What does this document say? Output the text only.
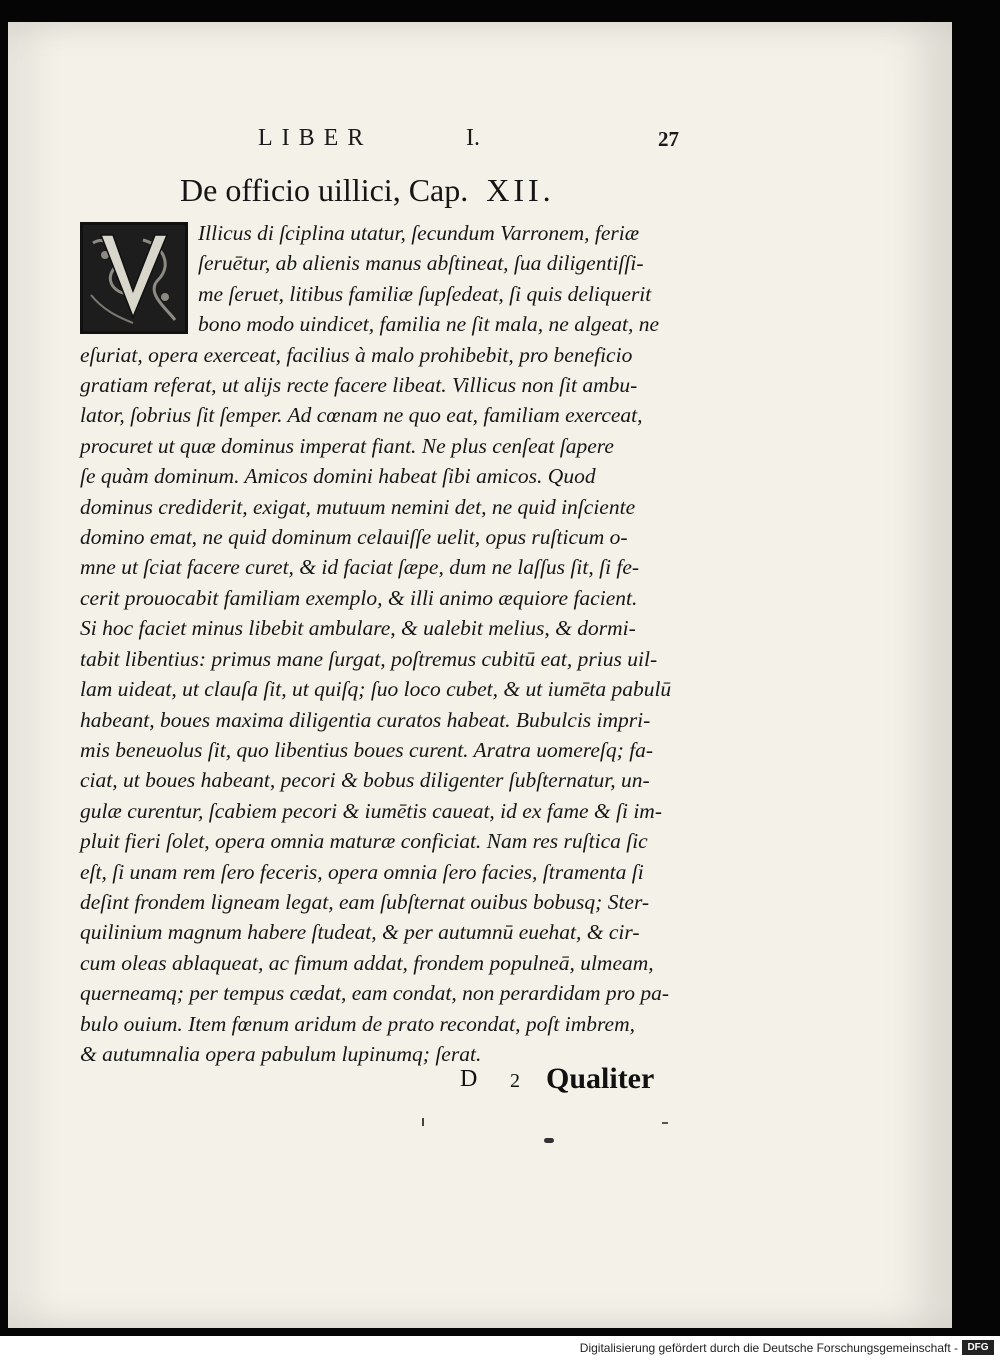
LIBER	I.	27
De officio uillici, Cap. XII.
Illicus di ſciplina utatur, ſecundum Varronem, feriæ
ſeruētur, ab alienis manus abſtineat, ſua diligentiſſi-
me ſeruet, litibus familiæ ſupſedeat, ſi quis deliquerit
bono modo uindicet, familia ne ſit mala, ne algeat, ne
eſuriat, opera exerceat, facilius à malo prohibebit, pro beneficio
gratiam referat, ut alijs recte facere libeat. Villicus non ſit ambu-
lator, ſobrius ſit ſemper. Ad cœnam ne quo eat, familiam exerceat,
procuret ut quæ dominus imperat fiant. Ne plus cenſeat ſapere
ſe quàm dominum. Amicos domini habeat ſibi amicos. Quod
dominus crediderit, exigat, mutuum nemini det, ne quid inſciente
domino emat, ne quid dominum celauiſſe uelit, opus ruſticum o-
mne ut ſciat facere curet, & id faciat ſæpe, dum ne laſſus ſit, ſi fe-
cerit prouocabit familiam exemplo, & illi animo æquiore facient.
Si hoc faciet minus libebit ambulare, & ualebit melius, & dormi-
tabit libentius: primus mane ſurgat, poſtremus cubitū eat, prius uil-
lam uideat, ut clauſa ſit, ut quiſq; ſuo loco cubet, & ut iumēta pabulū
habeant, boues maxima diligentia curatos habeat. Bubulcis impri-
mis beneuolus ſit, quo libentius boues curent. Aratra uomereſq; fa-
ciat, ut boues habeant, pecori & bobus diligenter ſubſternatur, un-
gulæ curentur, ſcabiem pecori & iumētis caueat, id ex fame & ſi im-
pluit fieri ſolet, opera omnia maturæ conficiat. Nam res ruſtica ſic
eſt, ſi unam rem ſero feceris, opera omnia ſero facies, ſtramenta ſi
deſint frondem ligneam legat, eam ſubſternat ouibus bobusq; Ster-
quilinium magnum habere ſtudeat, & per autumnū euehat, & cir-
cum oleas ablaqueat, ac fimum addat, frondem populneā, ulmeam,
querneamq; per tempus cædat, eam condat, non perardidam pro pa-
bulo ouium. Item fœnum aridum de prato recondat, poſt imbrem,
& autumnalia opera pabulum lupinumq; ſerat.
D 2 Qualiter
Digitalisierung gefördert durch die Deutsche Forschungsgemeinschaft - DFG
